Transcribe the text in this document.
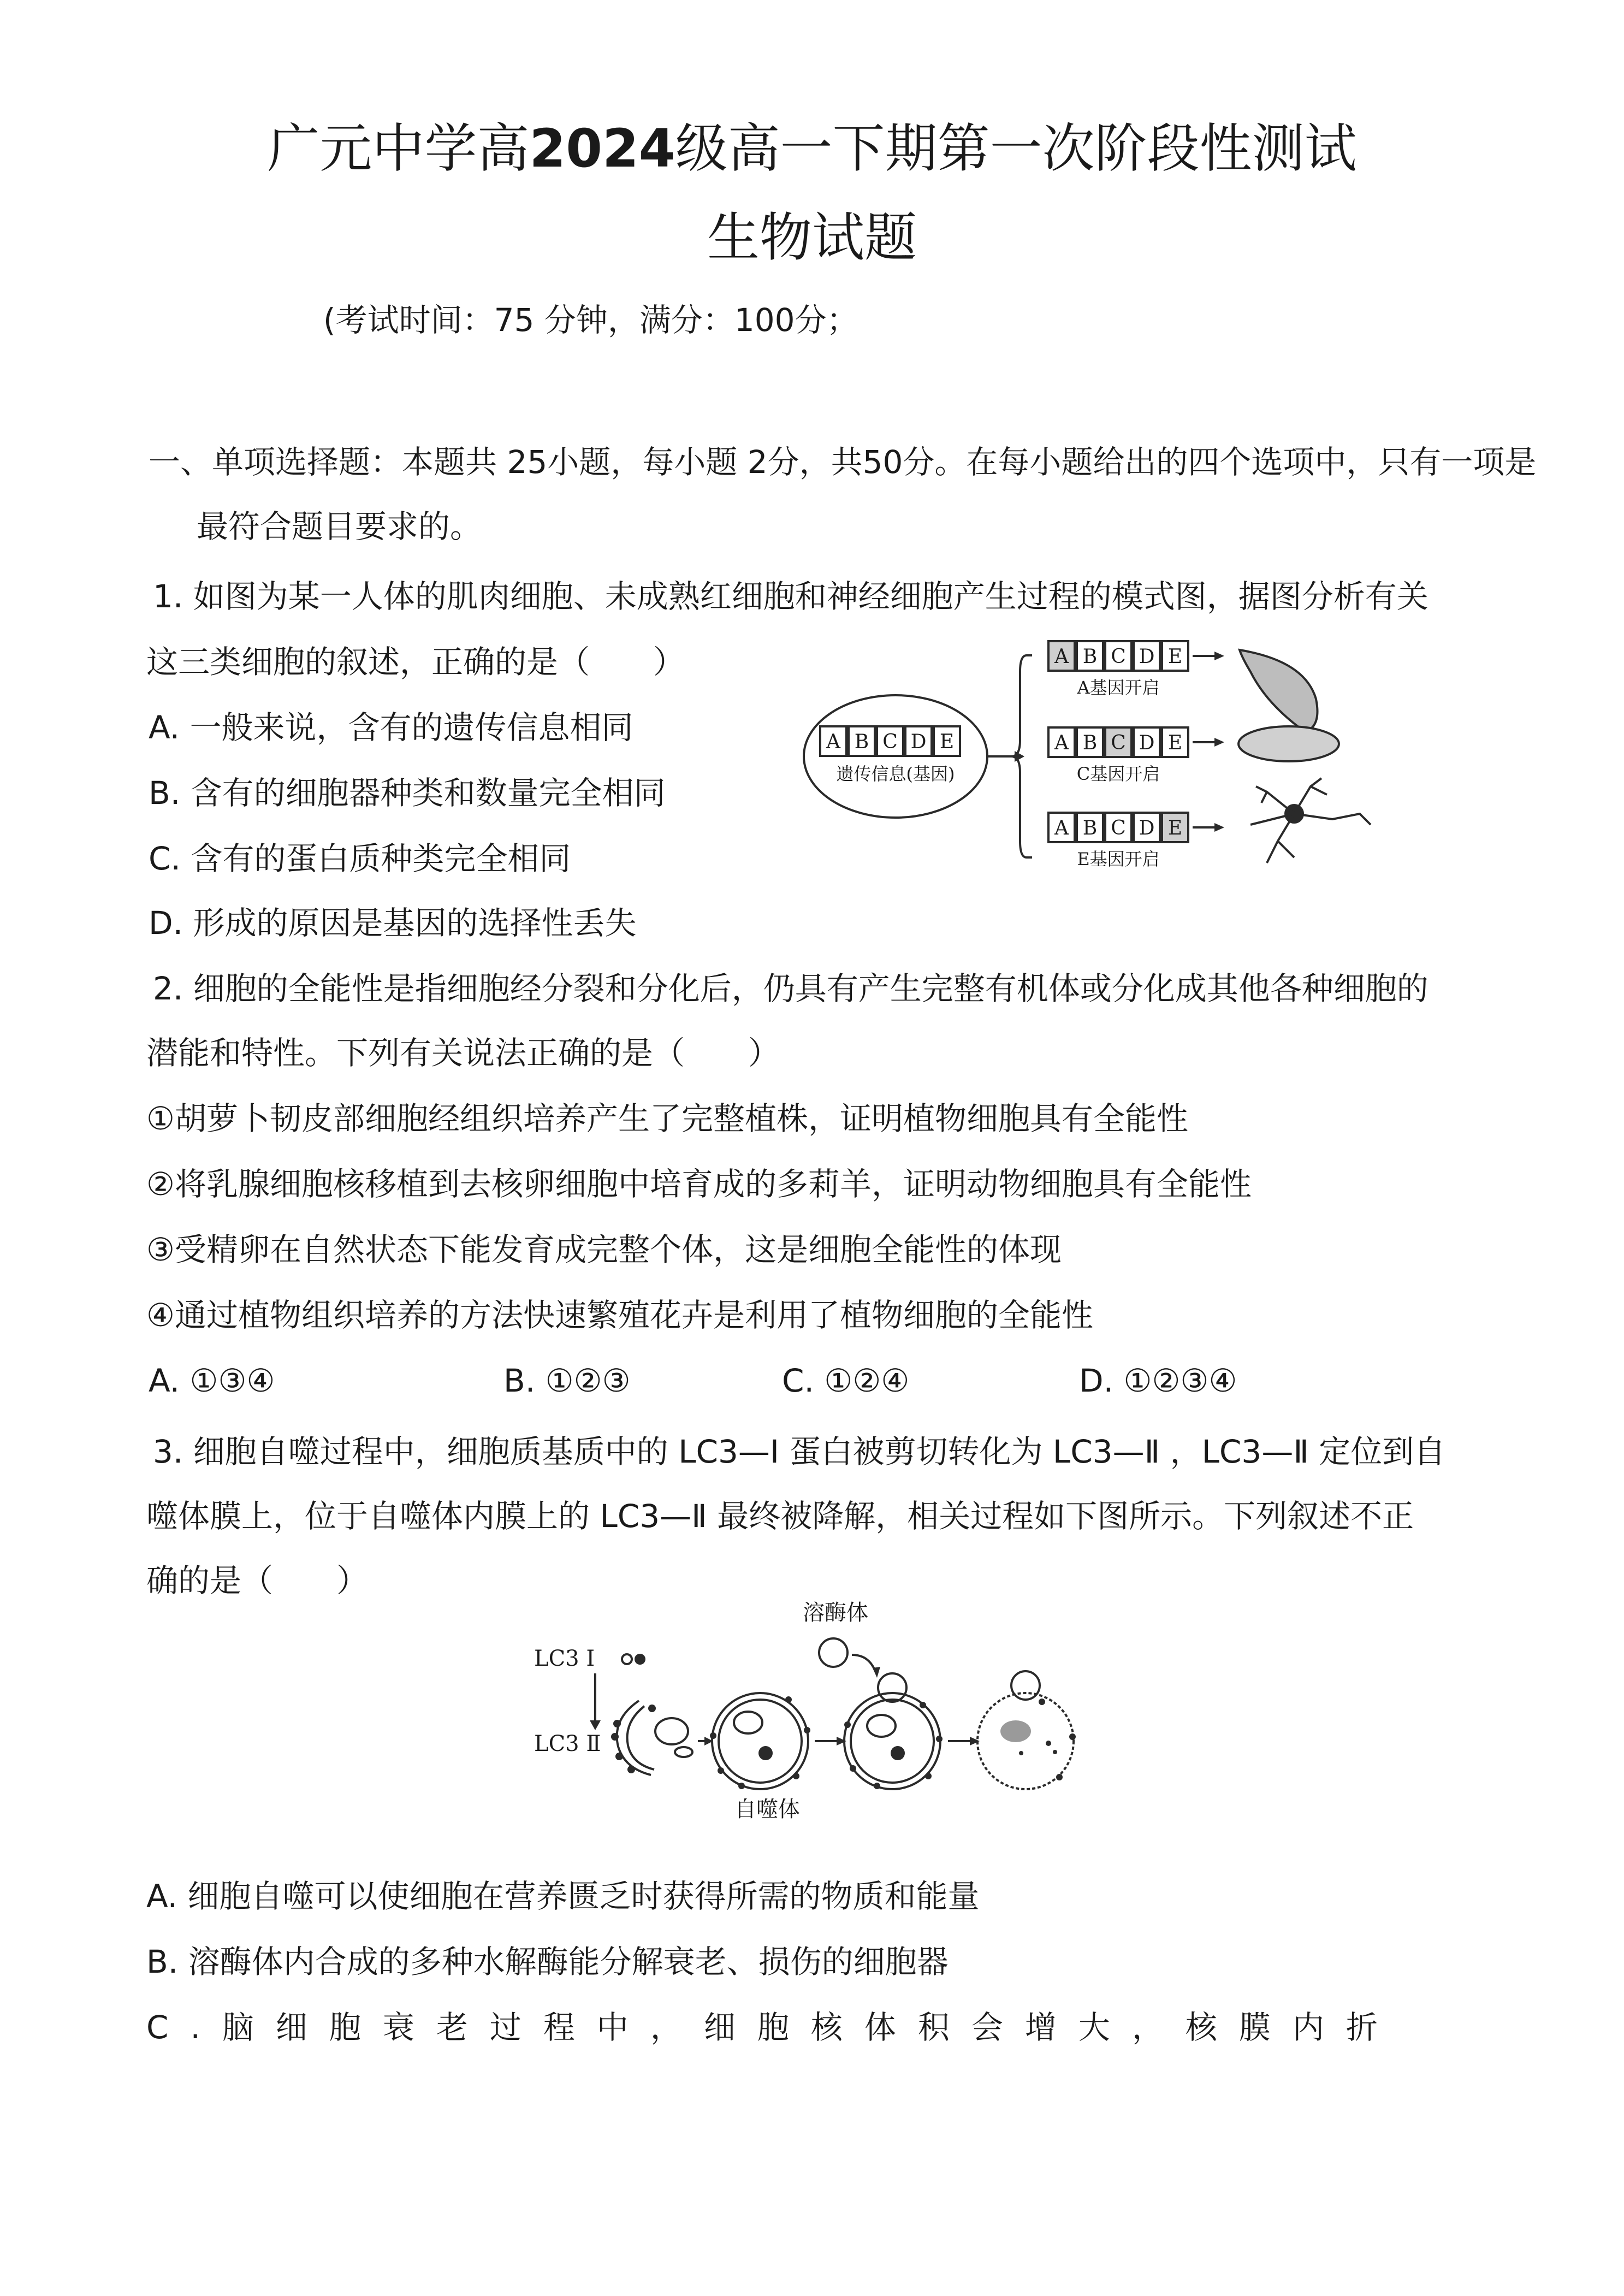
广元中学高2024级高一下期第一次阶段性测试
生物试题
(考试时间：75 分钟，满分：100分；
一、单项选择题：本题共 25小题，每小题 2分，共50分。在每小题给出的四个选项中，只有一项是
最符合题目要求的。
1. 如图为某一人体的肌肉细胞、未成熟红细胞和神经细胞产生过程的模式图，据图分析有关
这三类细胞的叙述，正确的是（　　）
A. 一般来说，含有的遗传信息相同
B. 含有的细胞器种类和数量完全相同
C. 含有的蛋白质种类完全相同
D. 形成的原因是基因的选择性丢失
A B C D E
遗传信息(基因)
A B C D E
A基因开启
A B C D E
C基因开启
A B C D E
E基因开启
2. 细胞的全能性是指细胞经分裂和分化后，仍具有产生完整有机体或分化成其他各种细胞的
潜能和特性。下列有关说法正确的是（　　）
①胡萝卜韧皮部细胞经组织培养产生了完整植株，证明植物细胞具有全能性
②将乳腺细胞核移植到去核卵细胞中培育成的多莉羊，证明动物细胞具有全能性
③受精卵在自然状态下能发育成完整个体，这是细胞全能性的体现
④通过植物组织培养的方法快速繁殖花卉是利用了植物细胞的全能性
A. ①③④	B. ①②③	C. ①②④	D. ①②③④
3. 细胞自噬过程中，细胞质基质中的 LC3—Ⅰ 蛋白被剪切转化为 LC3—Ⅱ ，LC3—Ⅱ 定位到自
噬体膜上，位于自噬体内膜上的 LC3—Ⅱ 最终被降解，相关过程如下图所示。下列叙述不正
确的是（　　）
LC3 Ⅰ
LC3 Ⅱ
溶酶体
自噬体
A. 细胞自噬可以使细胞在营养匮乏时获得所需的物质和能量
B. 溶酶体内合成的多种水解酶能分解衰老、损伤的细胞器
C.脑细胞衰老过程中，细胞核体积会增大，核膜内折
